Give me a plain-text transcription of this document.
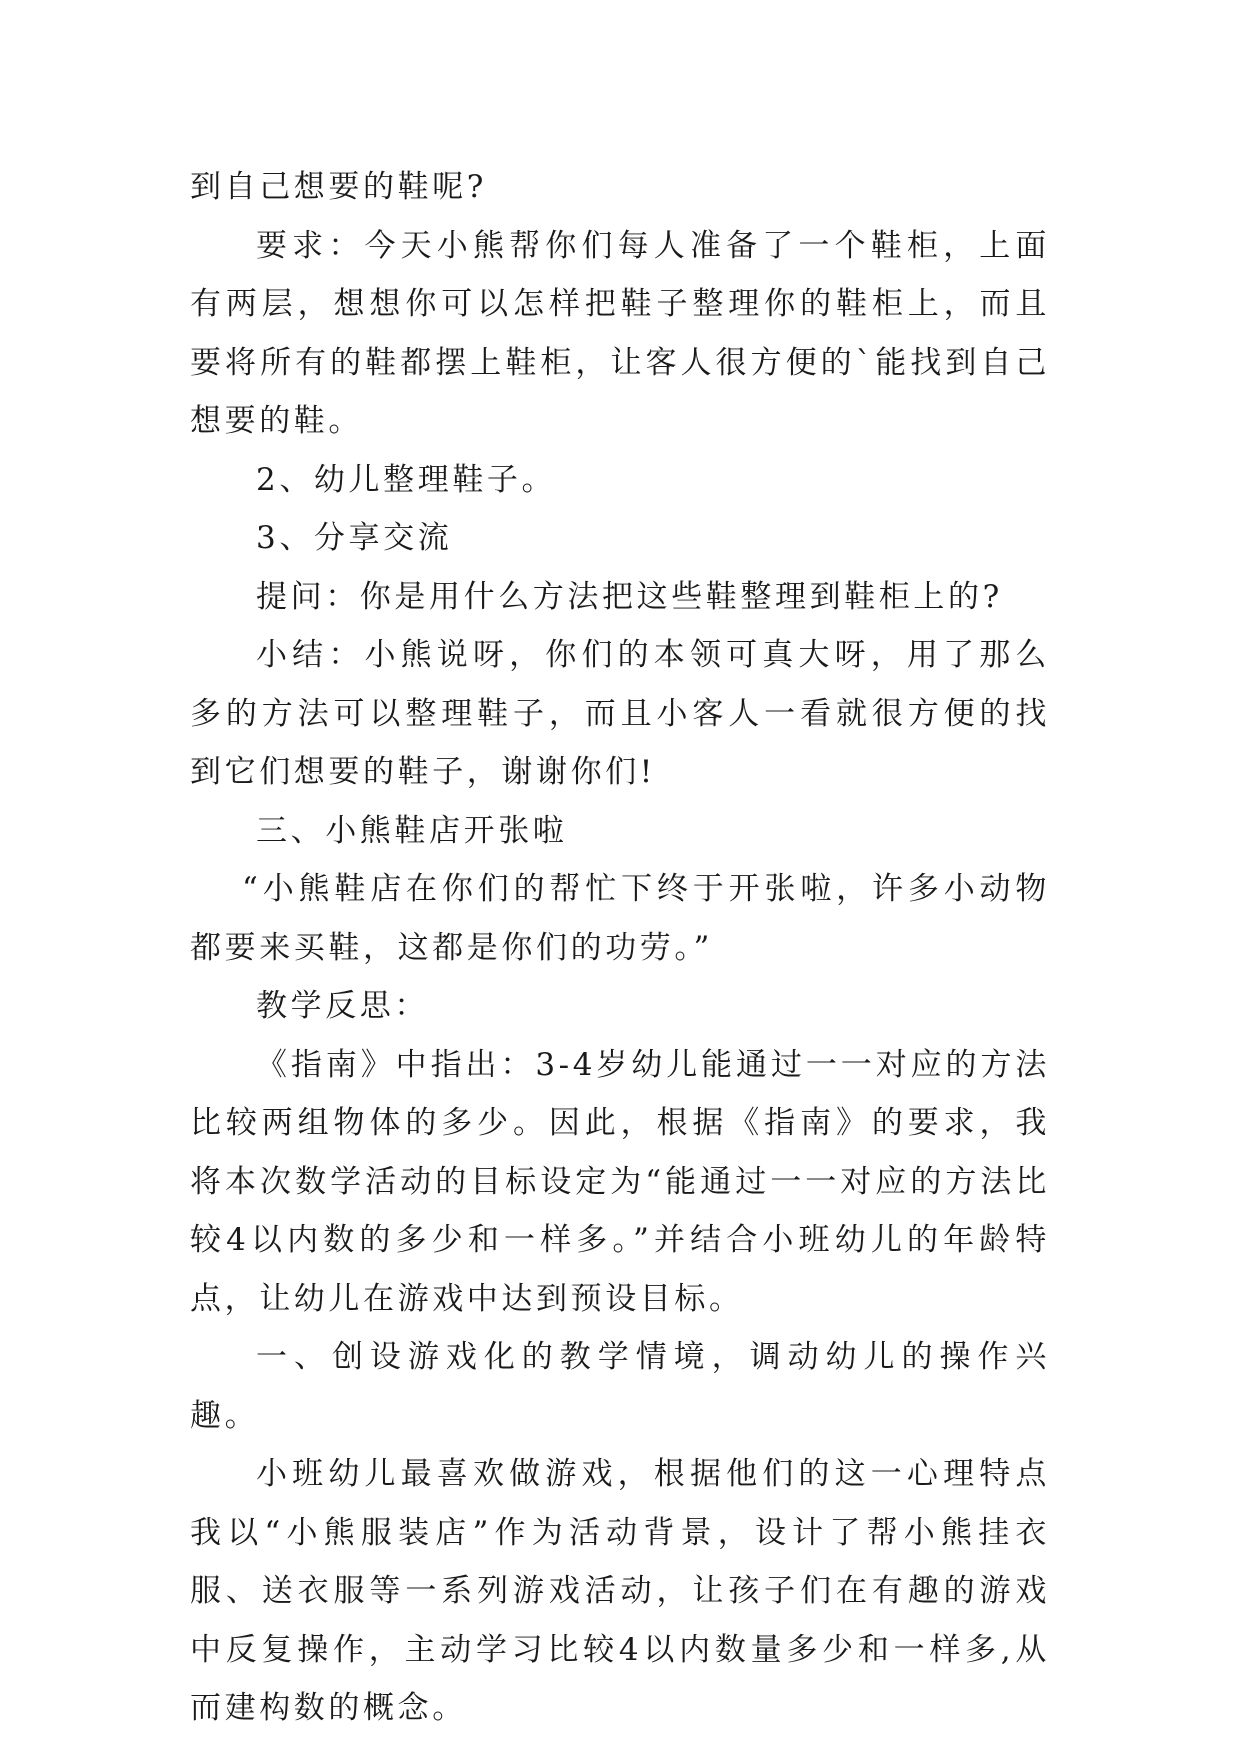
到自己想要的鞋呢?

要求：今天小熊帮你们每人准备了一个鞋柜，上面有两层，想想你可以怎样把鞋子整理你的鞋柜上，而且要将所有的鞋都摆上鞋柜，让客人很方便的`能找到自己想要的鞋。

2、幼儿整理鞋子。

3、分享交流

提问：你是用什么方法把这些鞋整理到鞋柜上的?

小结：小熊说呀，你们的本领可真大呀，用了那么多的方法可以整理鞋子，而且小客人一看就很方便的找到它们想要的鞋子，谢谢你们!

三、小熊鞋店开张啦

“小熊鞋店在你们的帮忙下终于开张啦，许多小动物都要来买鞋，这都是你们的功劳。”

教学反思：

《指南》中指出：3-4岁幼儿能通过一一对应的方法比较两组物体的多少。因此，根据《指南》的要求，我将本次数学活动的目标设定为“能通过一一对应的方法比较4以内数的多少和一样多。”并结合小班幼儿的年龄特点，让幼儿在游戏中达到预设目标。

一、创设游戏化的教学情境，调动幼儿的操作兴趣。

小班幼儿最喜欢做游戏，根据他们的这一心理特点我以“小熊服装店”作为活动背景，设计了帮小熊挂衣服、送衣服等一系列游戏活动，让孩子们在有趣的游戏中反复操作，主动学习比较4以内数量多少和一样多,从而建构数的概念。
